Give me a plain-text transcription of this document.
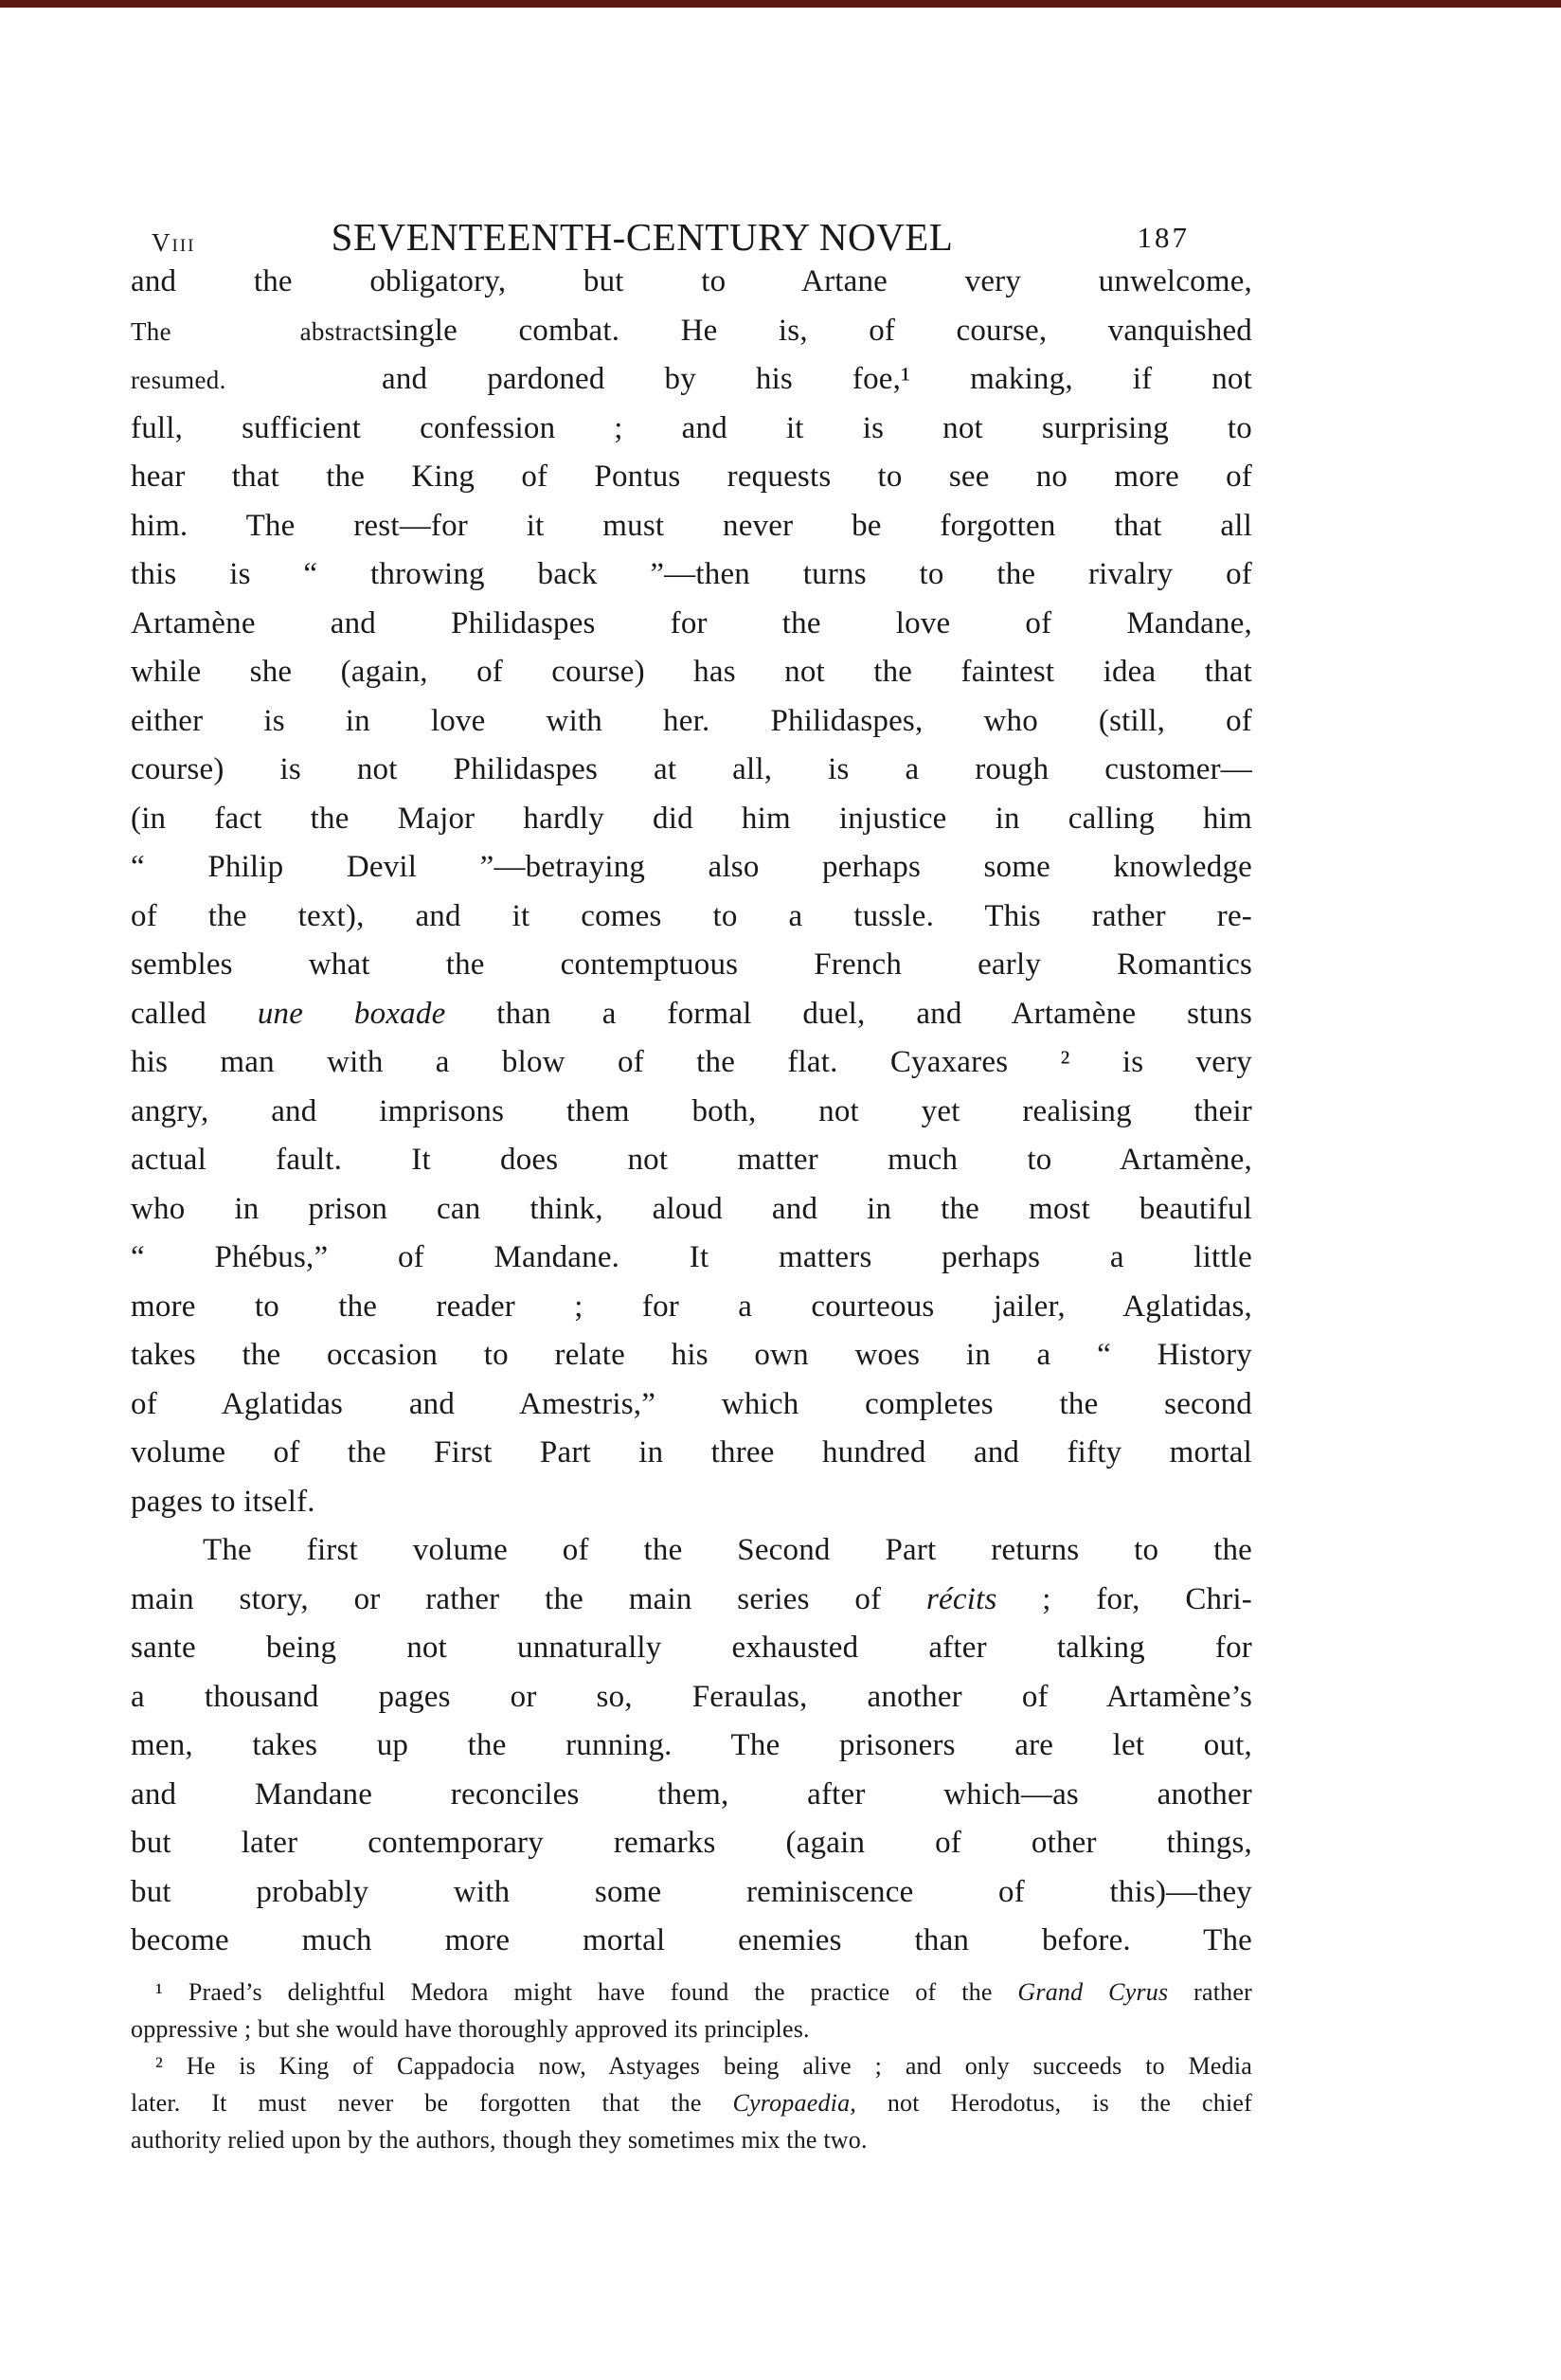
Viii	SEVENTEENTH-CENTURY NOVEL	187
and the obligatory, but to Artane very unwelcome,
The abstractsingle combat. He is, of course, vanquished
resumed.	and pardoned by his foe,¹ making, if not
full, sufficient confession ; and it is not surprising to
hear that the King of Pontus requests to see no more of
him. The rest—for it must never be forgotten that all
this is “ throwing back ”—then turns to the rivalry of
Artamène and Philidaspes for the love of Mandane,
while she (again, of course) has not the faintest idea that
either is in love with her. Philidaspes, who (still, of
course) is not Philidaspes at all, is a rough customer—
(in fact the Major hardly did him injustice in calling him
“ Philip Devil ”—betraying also perhaps some knowledge
of the text), and it comes to a tussle. This rather re-
sembles what the contemptuous French early Romantics
called une boxade than a formal duel, and Artamène stuns
his man with a blow of the flat. Cyaxares ² is very
angry, and imprisons them both, not yet realising their
actual fault. It does not matter much to Artamène,
who in prison can think, aloud and in the most beautiful
“ Phébus,” of Mandane. It matters perhaps a little
more to the reader ; for a courteous jailer, Aglatidas,
takes the occasion to relate his own woes in a “ History
of Aglatidas and Amestris,” which completes the second
volume of the First Part in three hundred and fifty mortal
pages to itself.
The first volume of the Second Part returns to the
main story, or rather the main series of récits ; for, Chri-
sante being not unnaturally exhausted after talking for
a thousand pages or so, Feraulas, another of Artamène’s
men, takes up the running. The prisoners are let out,
and Mandane reconciles them, after which—as another
but later contemporary remarks (again of other things,
but probably with some reminiscence of this)—they
become much more mortal enemies than before. The
¹ Praed’s delightful Medora might have found the practice of the Grand Cyrus rather
oppressive ; but she would have thoroughly approved its principles.
² He is King of Cappadocia now, Astyages being alive ; and only succeeds to Media
later. It must never be forgotten that the Cyropaedia, not Herodotus, is the chief
authority relied upon by the authors, though they sometimes mix the two.
